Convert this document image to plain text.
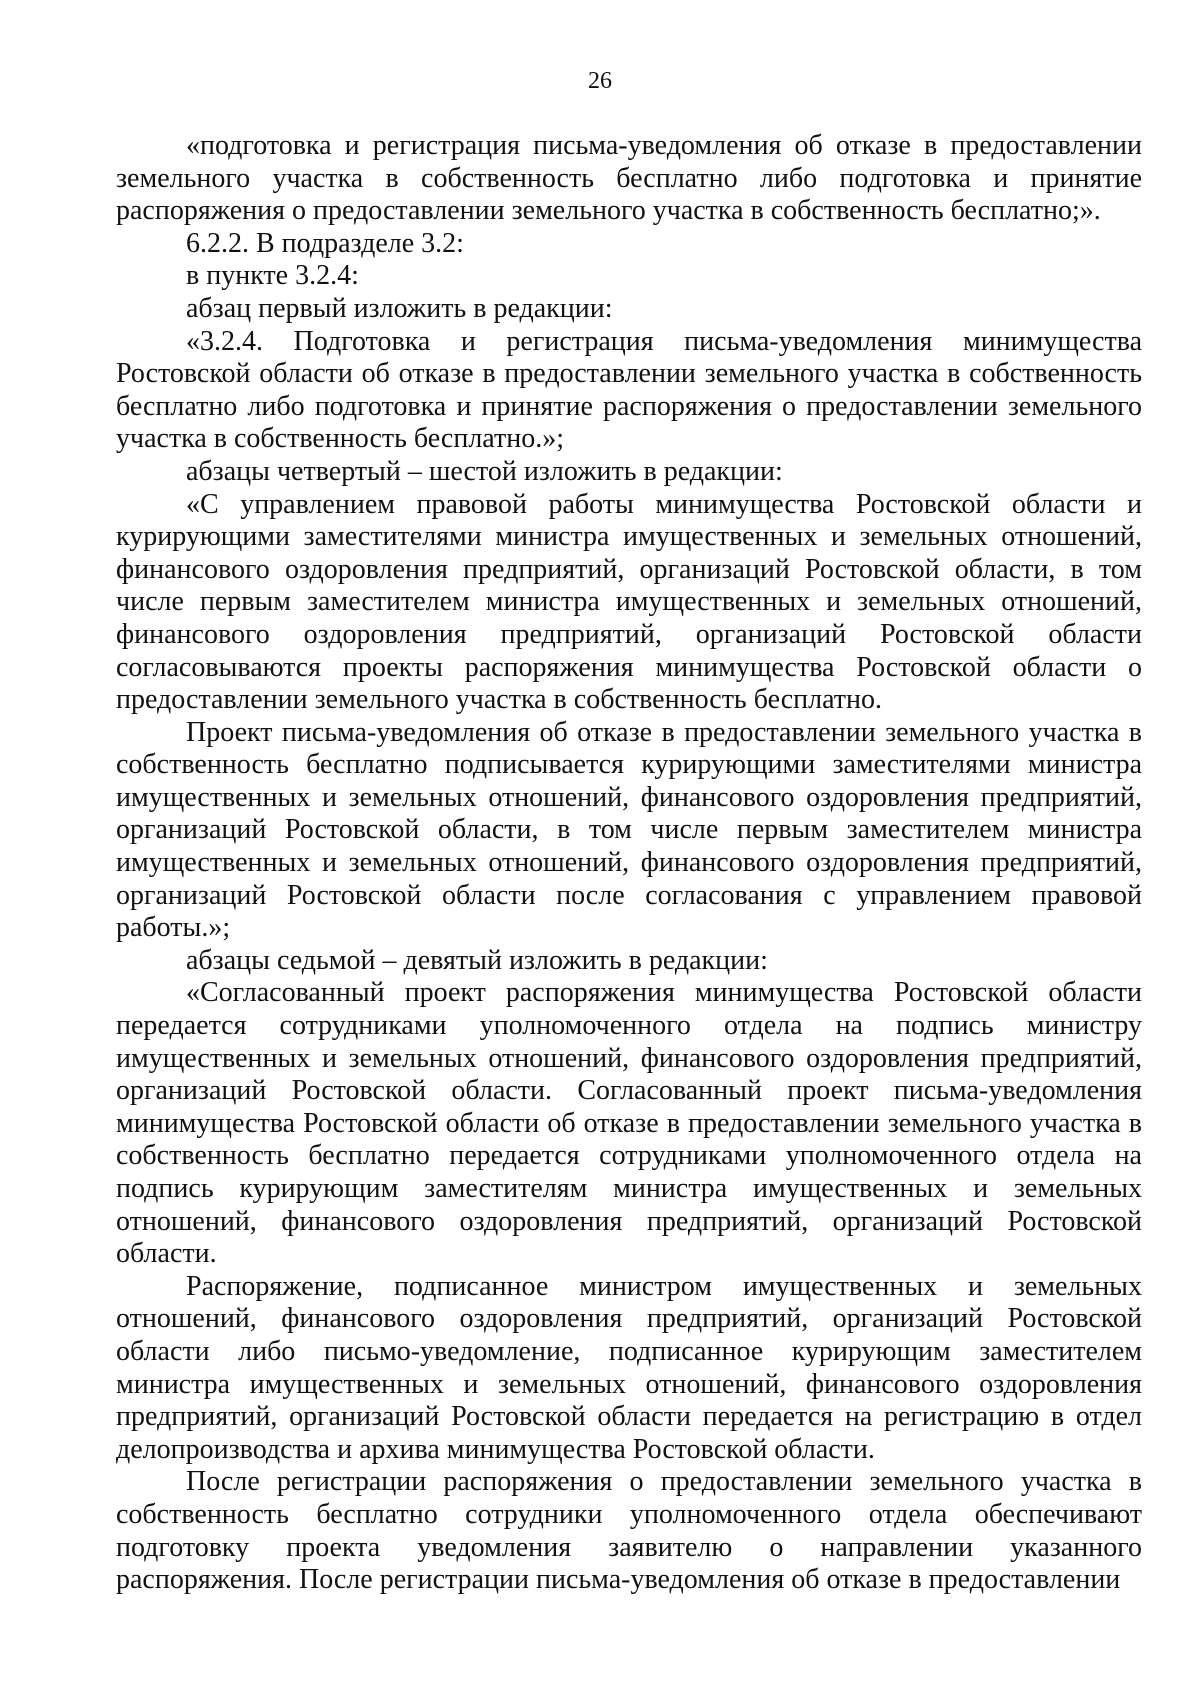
26

«подготовка и регистрация письма-уведомления об отказе в предоставлении земельного участка в собственность бесплатно либо подготовка и принятие распоряжения о предоставлении земельного участка в собственность бесплатно;».

6.2.2. В подразделе 3.2:

в пункте 3.2.4:

абзац первый изложить в редакции:

«3.2.4. Подготовка и регистрация письма-уведомления минимущества Ростовской области об отказе в предоставлении земельного участка в собственность бесплатно либо подготовка и принятие распоряжения о предоставлении земельного участка в собственность бесплатно.»;

абзацы четвертый – шестой изложить в редакции:

«С управлением правовой работы минимущества Ростовской области и курирующими заместителями министра имущественных и земельных отношений, финансового оздоровления предприятий, организаций Ростовской области, в том числе первым заместителем министра имущественных и земельных отношений, финансового оздоровления предприятий, организаций Ростовской области согласовываются проекты распоряжения минимущества Ростовской области о предоставлении земельного участка в собственность бесплатно.

Проект письма-уведомления об отказе в предоставлении земельного участка в собственность бесплатно подписывается курирующими заместителями министра имущественных и земельных отношений, финансового оздоровления предприятий, организаций Ростовской области, в том числе первым заместителем министра имущественных и земельных отношений, финансового оздоровления предприятий, организаций Ростовской области после согласования с управлением правовой работы.»;

абзацы седьмой – девятый изложить в редакции:

«Согласованный проект распоряжения минимущества Ростовской области передается сотрудниками уполномоченного отдела на подпись министру имущественных и земельных отношений, финансового оздоровления предприятий, организаций Ростовской области. Согласованный проект письма-уведомления минимущества Ростовской области об отказе в предоставлении земельного участка в собственность бесплатно передается сотрудниками уполномоченного отдела на подпись курирующим заместителям министра имущественных и земельных отношений, финансового оздоровления предприятий, организаций Ростовской области.

Распоряжение, подписанное министром имущественных и земельных отношений, финансового оздоровления предприятий, организаций Ростовской области либо письмо-уведомление, подписанное курирующим заместителем министра имущественных и земельных отношений, финансового оздоровления предприятий, организаций Ростовской области передается на регистрацию в отдел делопроизводства и архива минимущества Ростовской области.

После регистрации распоряжения о предоставлении земельного участка в собственность бесплатно сотрудники уполномоченного отдела обеспечивают подготовку проекта уведомления заявителю о направлении указанного распоряжения. После регистрации письма-уведомления об отказе в предоставлении
